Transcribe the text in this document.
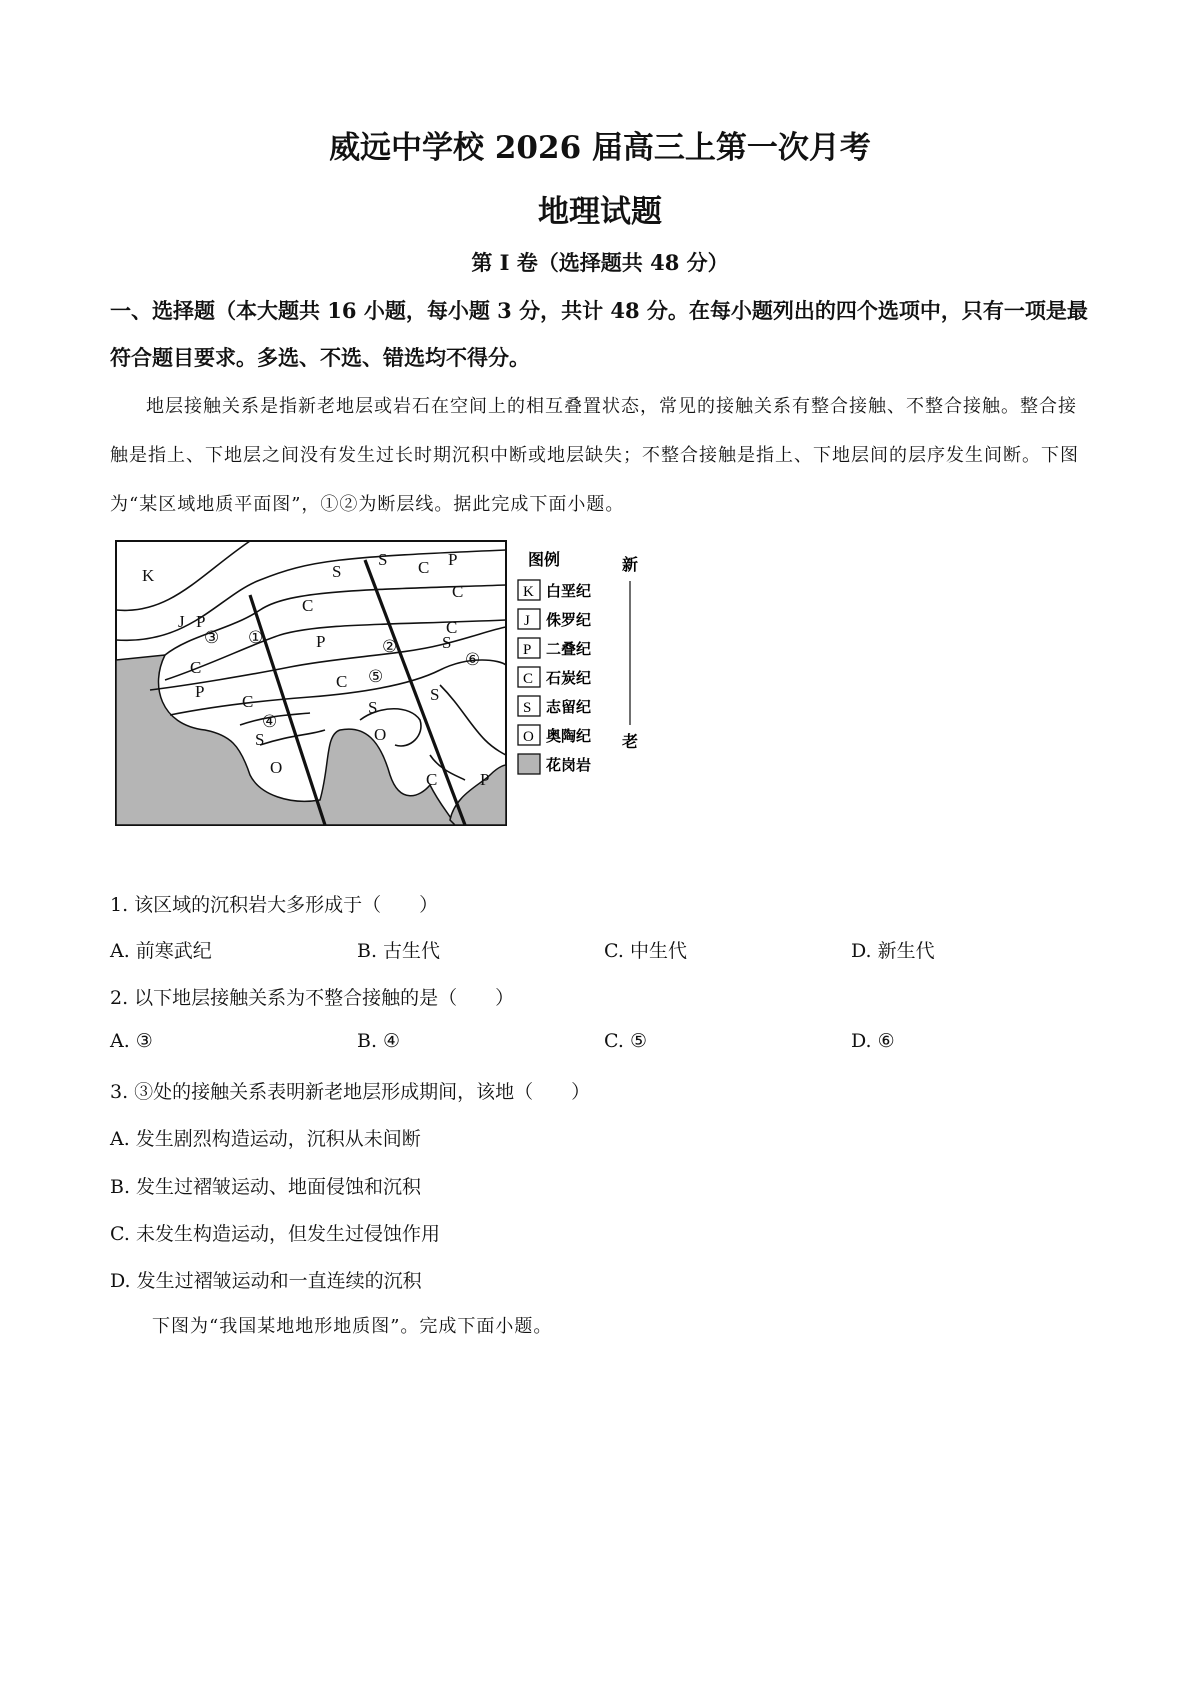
威远中学校 2026 届高三上第一次月考
地理试题
第 I 卷（选择题共 48 分）
一、选择题（本大题共 16 小题，每小题 3 分，共计 48 分。在每小题列出的四个选项中，只有一项是最符合题目要求。多选、不选、错选均不得分。
地层接触关系是指新老地层或岩石在空间上的相互叠置状态，常见的接触关系有整合接触、不整合接触。整合接触是指上、下地层之间没有发生过长时期沉积中断或地层缺失；不整合接触是指上、下地层间的层序发生间断。下图为“某区域地质平面图”，①②为断层线。据此完成下面小题。
K
J
③ ①
C
P
C
P
C
④
S
O
S
S
C
P	②
C
⑤
S
O
C
⑥
S
C
P
S
C
P	图例
K 白垩纪
J 侏罗纪
P 二叠纪
C 石炭纪
S 志留纪
O 奥陶纪
花岗岩
新
老
1. 该区域的沉积岩大多形成于（　　）
A. 前寒武纪	B. 古生代	C. 中生代	D. 新生代
2. 以下地层接触关系为不整合接触的是（　　）
A. ③	B. ④	C. ⑤	D. ⑥
3. ③处的接触关系表明新老地层形成期间，该地（　　）
A. 发生剧烈构造运动，沉积从未间断
B. 发生过褶皱运动、地面侵蚀和沉积
C. 未发生构造运动，但发生过侵蚀作用
D. 发生过褶皱运动和一直连续的沉积
下图为“我国某地地形地质图”。完成下面小题。
